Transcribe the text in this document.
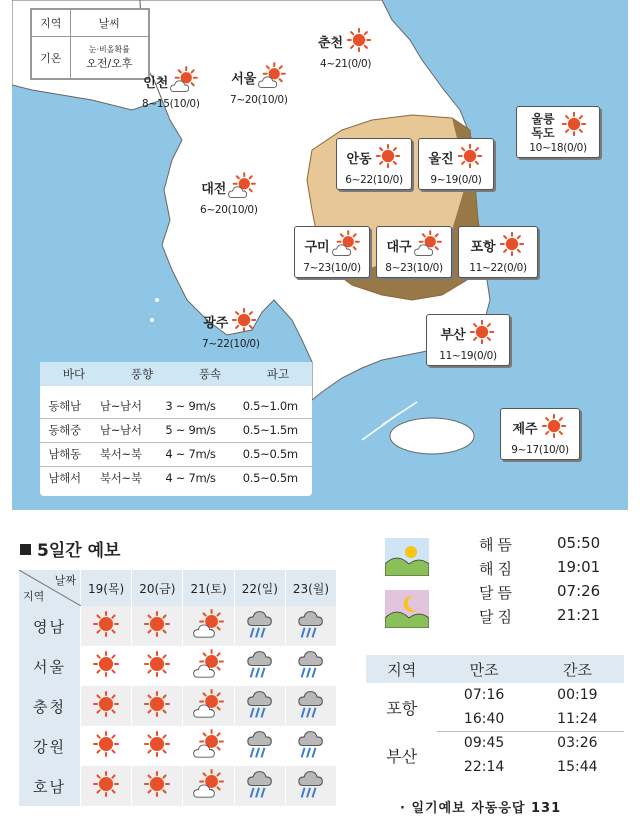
지역	날씨
기온	눈·비올확률
오전/오후
인천
8~15(10/0)
서울
7~20(10/0)
춘천
4~21(0/0)
울릉 독도
10~18(0/0)
안동
6~22(10/0)
울진
9~19(0/0)
대전
6~20(10/0)
구미
7~23(10/0)
대구
8~23(10/0)
포항
11~22(0/0)
광주
7~22(10/0)
부산
11~19(0/0)
제주
9~17(10/0)
바다	풍향	풍속	파고
동해남	남~남서	3 ~ 9m/s	0.5~1.0m
동해중	남~남서	5 ~ 9m/s	0.5~1.5m
남해동	북서~북	4 ~ 7m/s	0.5~0.5m
남해서	북서~북	4 ~ 7m/s	0.5~0.5m
5일간 예보
날짜
지역	19(목)	20(금)	21(토)	22(일)	23(월)
영남					
서울					
충청					
강원					
호남					
해뜸	05:50
해짐	19:01
달뜸	07:26
달짐	21:21
지역	만조	간조
포항	07:16	00:19
	16:40	11:24
부산	09:45	03:26
	22:14	15:44
· 일기예보 자동응답 131
